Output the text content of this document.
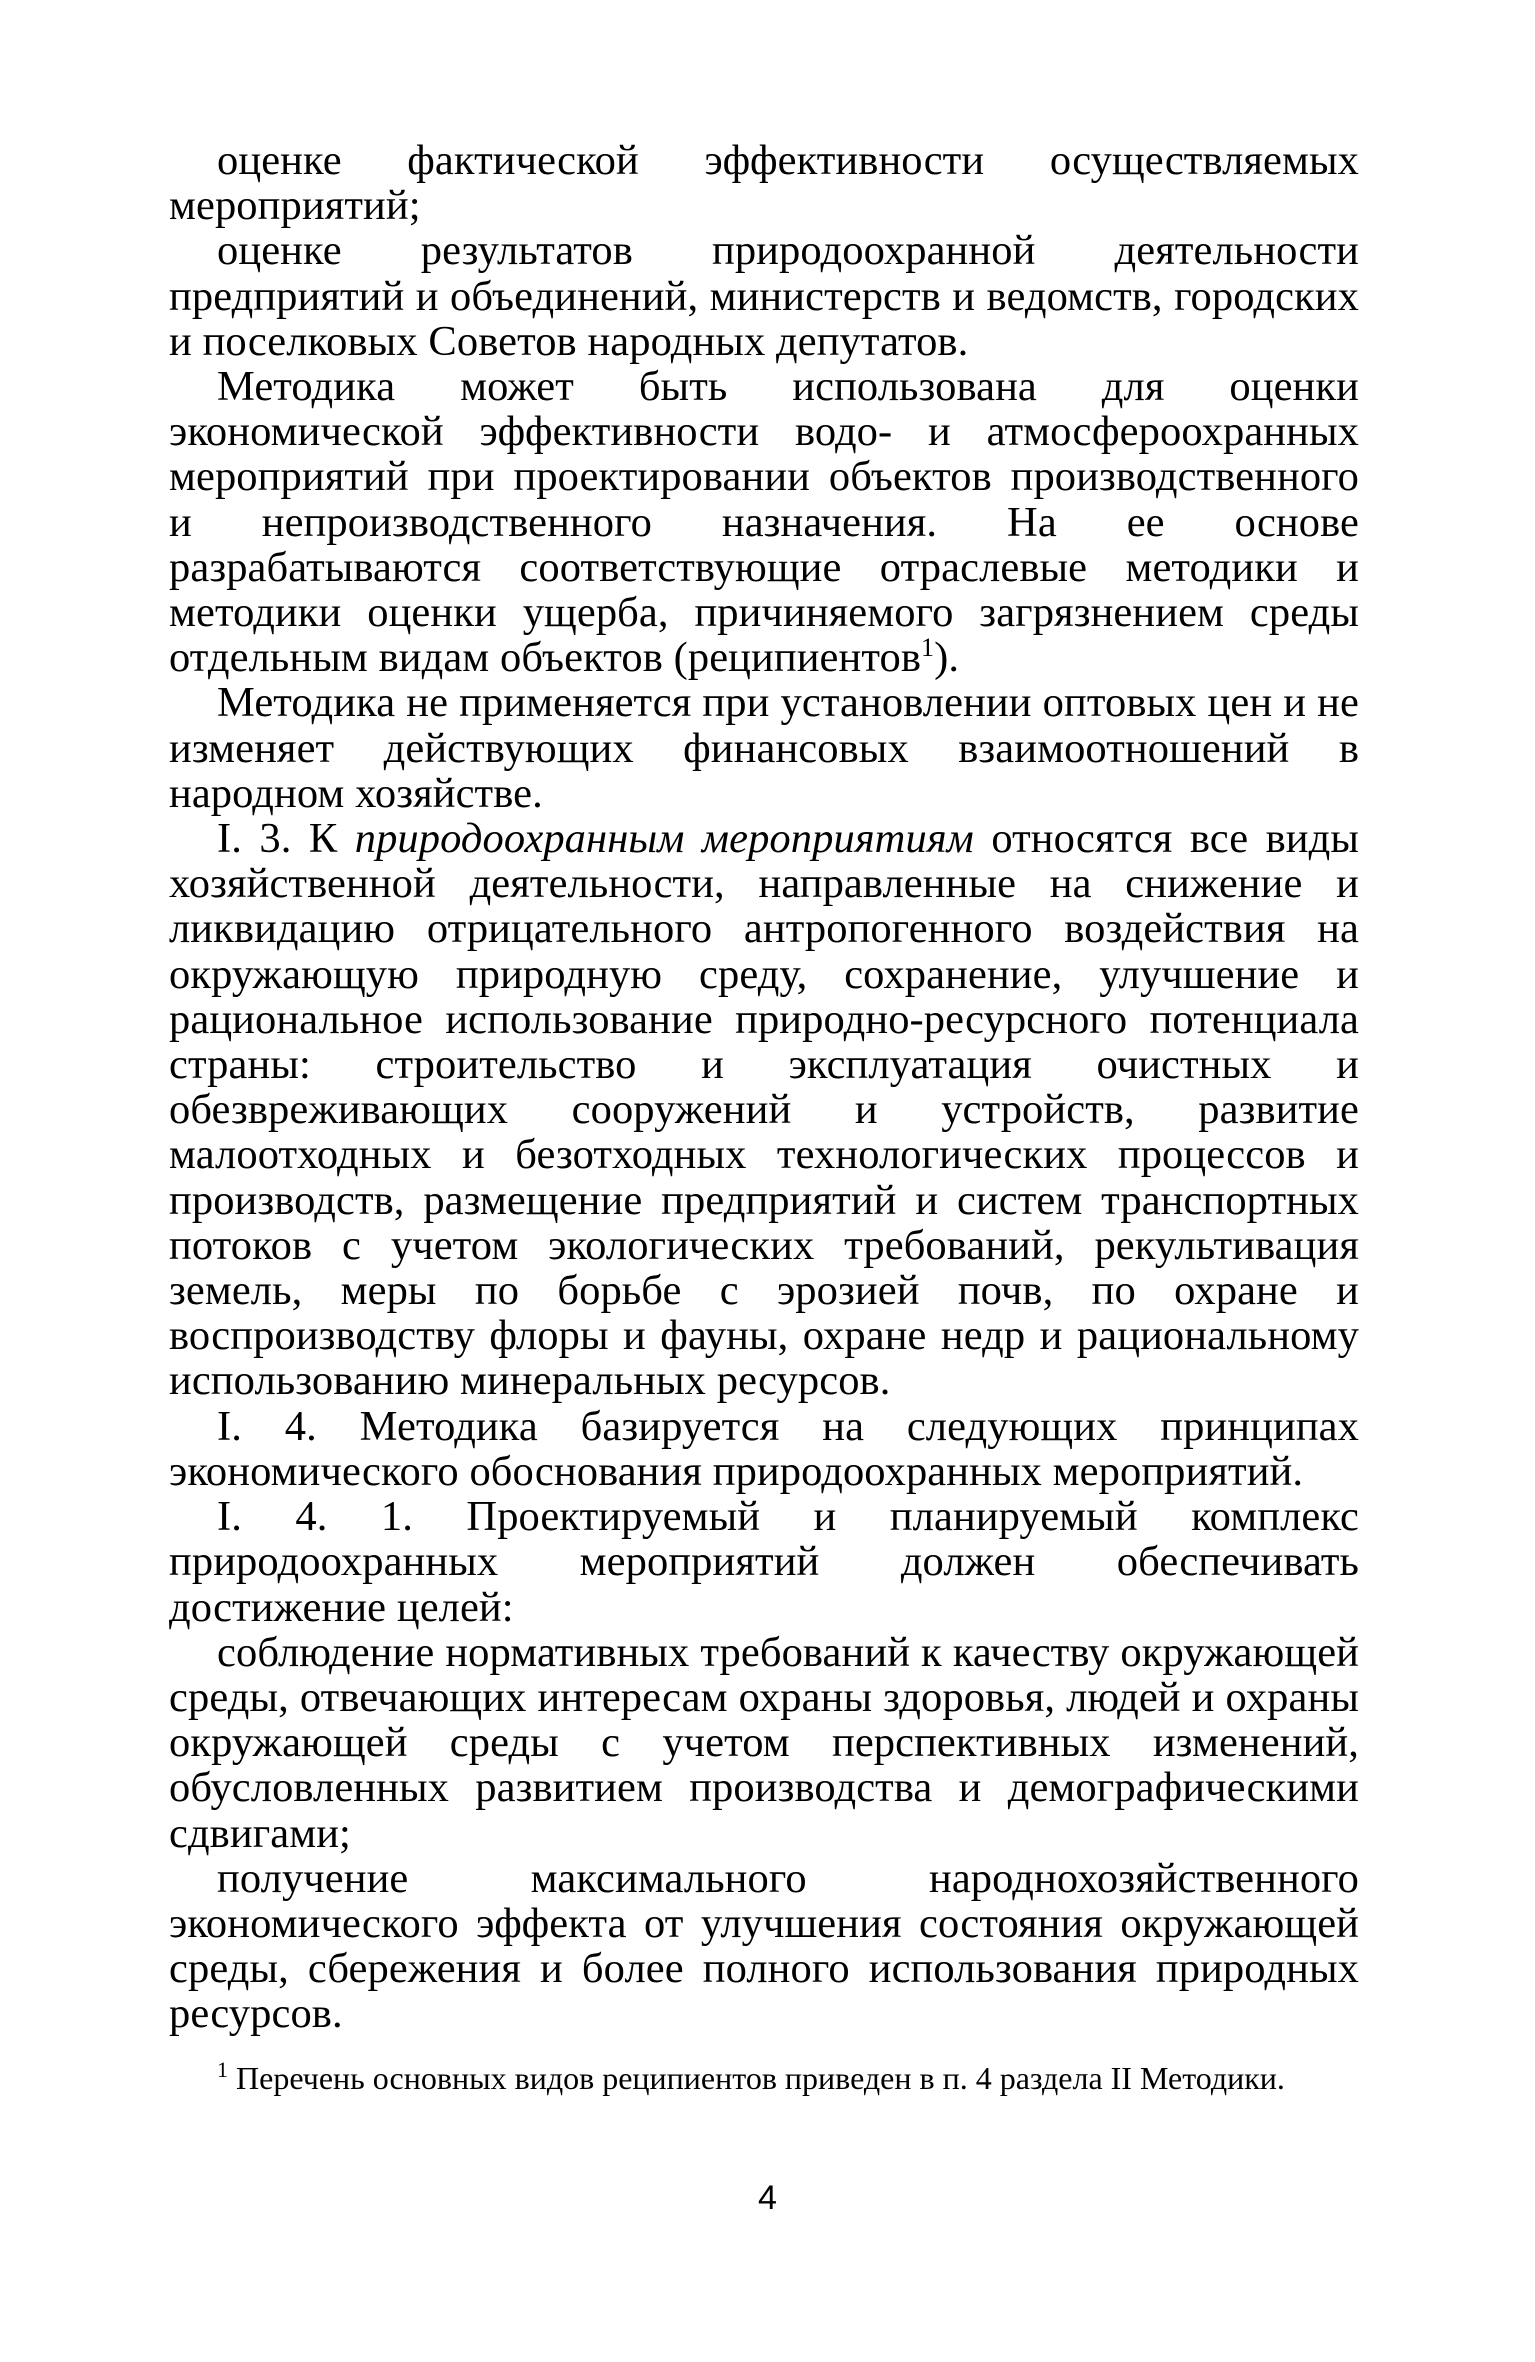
оценке фактической эффективности осуществляемых мероприятий;

оценке результатов природоохранной деятельности предприятий и объединений, министерств и ведомств, городских и поселковых Советов народных депутатов.

Методика может быть использована для оценки экономической эффективности водо- и атмосфероохранных мероприятий при проектировании объектов производственного и непроизводственного назначения. На ее основе разрабатываются соответствующие отраслевые методики и методики оценки ущерба, причиняемого загрязнением среды отдельным видам объектов (реципиентов$^1$).

Методика не применяется при установлении оптовых цен и не изменяет действующих финансовых взаимоотношений в народном хозяйстве.

I. 3. К природоохранным мероприятиям относятся все виды хозяйственной деятельности, направленные на снижение и ликвидацию отрицательного антропогенного воздействия на окружающую природную среду, сохранение, улучшение и рациональное использование природно-ресурсного потенциала страны: строительство и эксплуатация очистных и обезвреживающих сооружений и устройств, развитие малоотходных и безотходных технологических процессов и производств, размещение предприятий и систем транспортных потоков с учетом экологических требований, рекультивация земель, меры по борьбе с эрозией почв, по охране и воспроизводству флоры и фауны, охране недр и рациональному использованию минеральных ресурсов.

I. 4. Методика базируется на следующих принципах экономического обоснования природоохранных мероприятий.

I. 4. 1. Проектируемый и планируемый комплекс природоохранных мероприятий должен обеспечивать достижение целей:

соблюдение нормативных требований к качеству окружающей среды, отвечающих интересам охраны здоровья, людей и охраны окружающей среды с учетом перспективных изменений, обусловленных развитием производства и демографическими сдвигами;

получение максимального народнохозяйственного экономического эффекта от улучшения состояния окружающей среды, сбережения и более полного использования природных ресурсов.

$^1$ Перечень основных видов реципиентов приведен в п. 4 раздела II Методики.

4
